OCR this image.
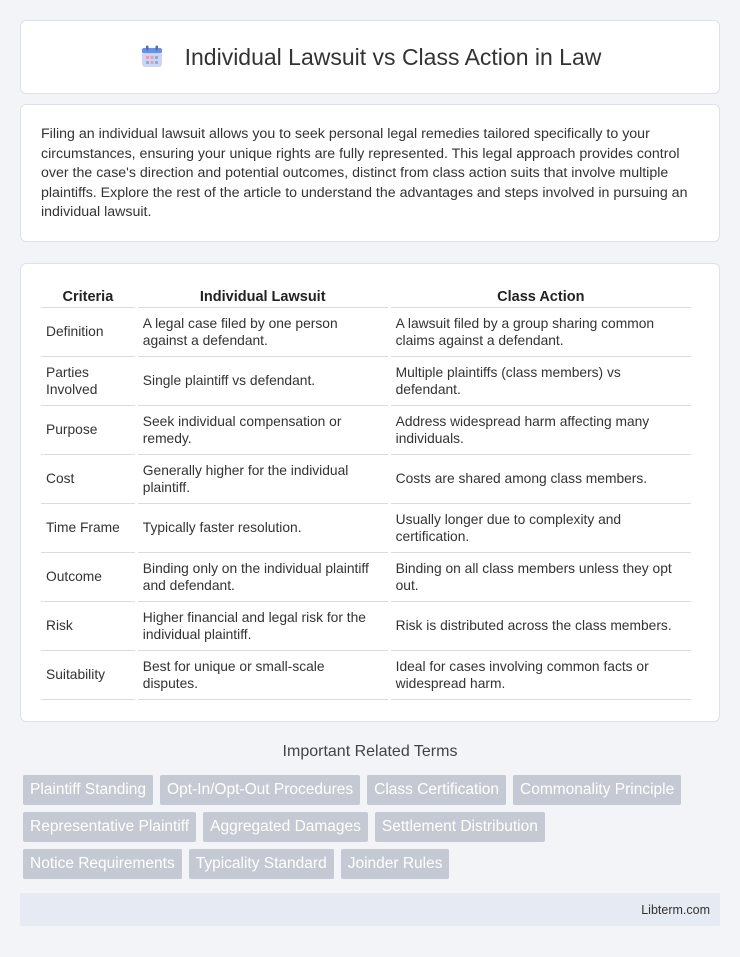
Individual Lawsuit vs Class Action in Law

Filing an individual lawsuit allows you to seek personal legal remedies tailored specifically to your circumstances, ensuring your unique rights are fully represented. This legal approach provides control over the case's direction and potential outcomes, distinct from class action suits that involve multiple plaintiffs. Explore the rest of the article to understand the advantages and steps involved in pursuing an individual lawsuit.

Criteria	Individual Lawsuit	Class Action
Definition	A legal case filed by one person against a defendant.	A lawsuit filed by a group sharing common claims against a defendant.
Parties Involved	Single plaintiff vs defendant.	Multiple plaintiffs (class members) vs defendant.
Purpose	Seek individual compensation or remedy.	Address widespread harm affecting many individuals.
Cost	Generally higher for the individual plaintiff.	Costs are shared among class members.
Time Frame	Typically faster resolution.	Usually longer due to complexity and certification.
Outcome	Binding only on the individual plaintiff and defendant.	Binding on all class members unless they opt out.
Risk	Higher financial and legal risk for the individual plaintiff.	Risk is distributed across the class members.
Suitability	Best for unique or small-scale disputes.	Ideal for cases involving common facts or widespread harm.
Important Related Terms
Plaintiff Standing	Opt-In/Opt-Out Procedures	Class Certification	Commonality Principle
Representative Plaintiff	Aggregated Damages	Settlement Distribution
Notice Requirements	Typicality Standard	Joinder Rules
Libterm.com
